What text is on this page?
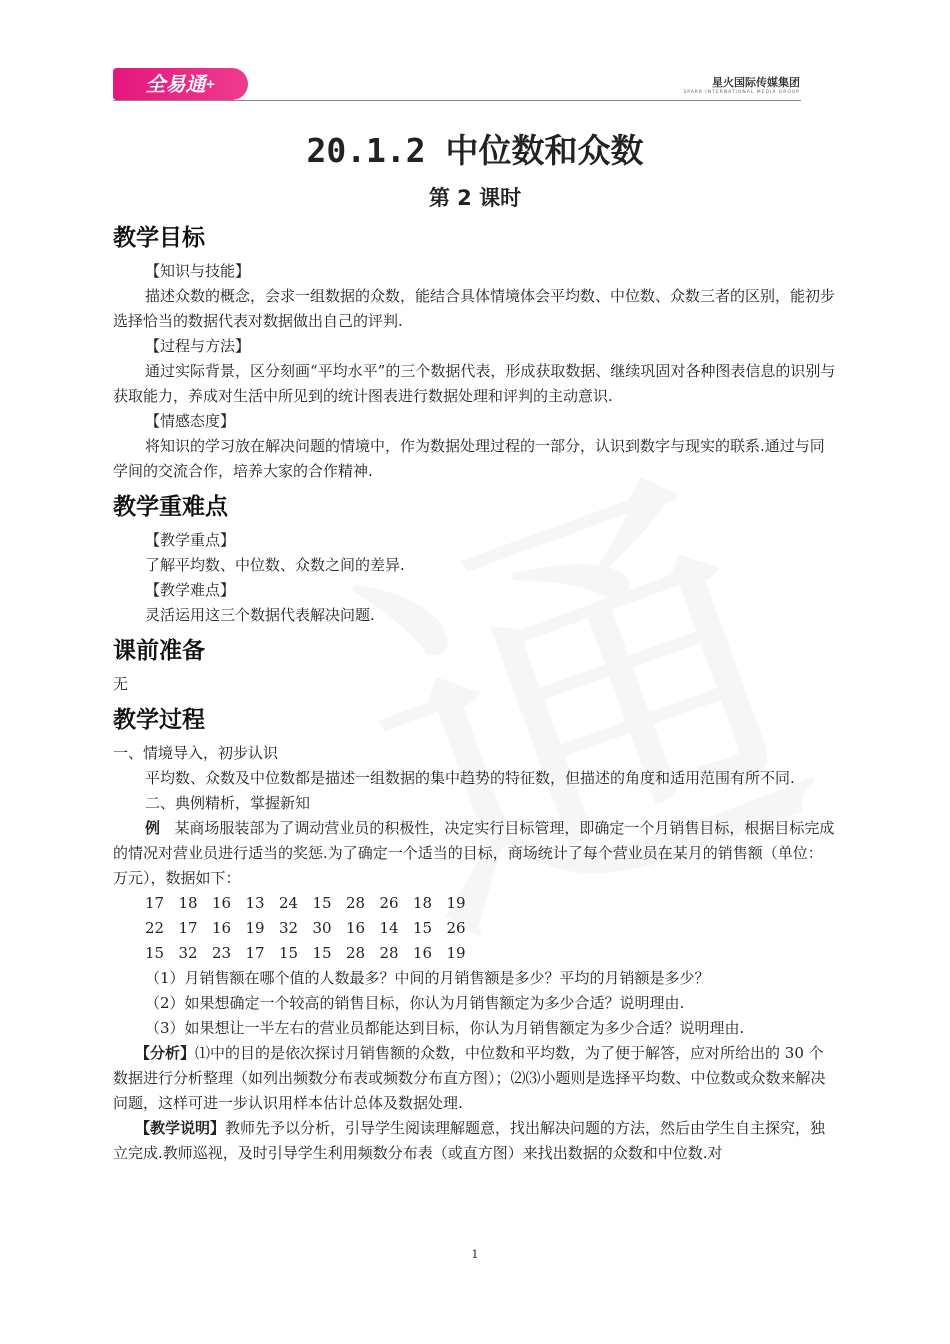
全易通+	星火国际传媒集团
SPARK INTERNATIONAL MEDIA GROUP
20.1.2 中位数和众数
第 2 课时
教学目标

【知识与技能】

描述众数的概念，会求一组数据的众数，能结合具体情境体会平均数、中位数、众数三者的区别，能初步选择恰当的数据代表对数据做出自己的评判.

【过程与方法】

通过实际背景，区分刻画“平均水平”的三个数据代表，形成获取数据、继续巩固对各种图表信息的识别与获取能力，养成对生活中所见到的统计图表进行数据处理和评判的主动意识.

【情感态度】

将知识的学习放在解决问题的情境中，作为数据处理过程的一部分，认识到数字与现实的联系.通过与同学间的交流合作，培养大家的合作精神.

教学重难点

【教学重点】

了解平均数、中位数、众数之间的差异.

【教学难点】

灵活运用这三个数据代表解决问题.

课前准备

无

教学过程

一、情境导入，初步认识

平均数、众数及中位数都是描述一组数据的集中趋势的特征数，但描述的角度和适用范围有所不同.

二、典例精析，掌握新知

例 某商场服装部为了调动营业员的积极性，决定实行目标管理，即确定一个月销售目标，根据目标完成的情况对营业员进行适当的奖惩.为了确定一个适当的目标，商场统计了每个营业员在某月的销售额（单位：万元），数据如下：

17 18 16 13 24 15 28 26 18 19

22 17 16 19 32 30 16 14 15 26

15 32 23 17 15 15 28 28 16 19

（1）月销售额在哪个值的人数最多？中间的月销售额是多少？平均的月销额是多少？

（2）如果想确定一个较高的销售目标，你认为月销售额定为多少合适？说明理由.

（3）如果想让一半左右的营业员都能达到目标，你认为月销售额定为多少合适？说明理由.

【分析】⑴中的目的是依次探讨月销售额的众数，中位数和平均数，为了便于解答，应对所给出的 30 个数据进行分析整理（如列出频数分布表或频数分布直方图）；⑵⑶小题则是选择平均数、中位数或众数来解决问题，这样可进一步认识用样本估计总体及数据处理.

【教学说明】教师先予以分析，引导学生阅读理解题意，找出解决问题的方法，然后由学生自主探究，独立完成.教师巡视，及时引导学生利用频数分布表（或直方图）来找出数据的众数和中位数.对

1
